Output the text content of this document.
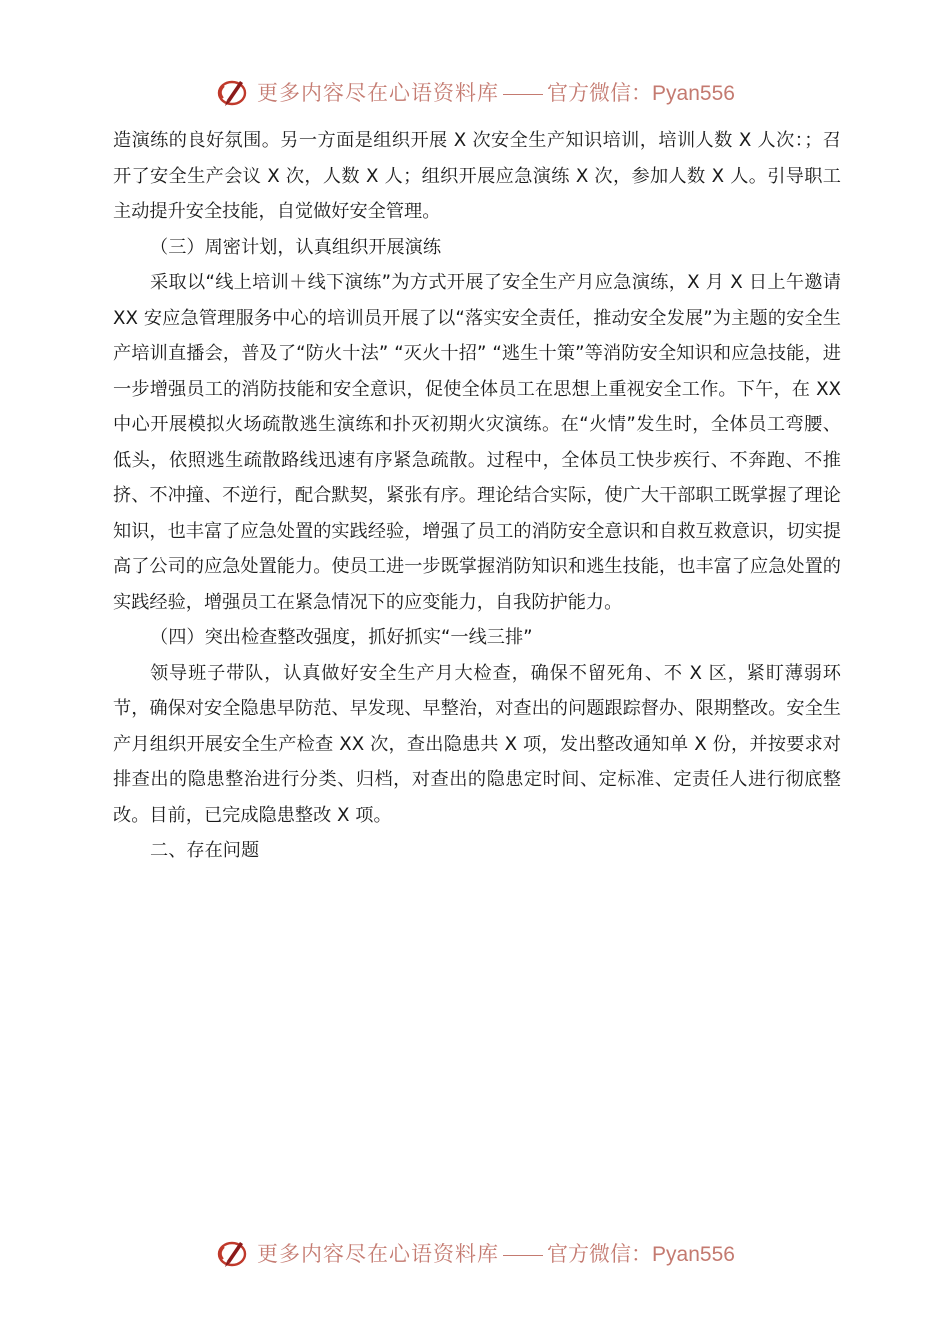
更多内容尽在心语资料库 官方微信：Pyan556

造演练的良好氛围。另一方面是组织开展 X 次安全生产知识培训，培训人数 X 人次：；召开了安全生产会议 X 次，人数 X 人；组织开展应急演练 X 次，参加人数 X 人。引导职工主动提升安全技能，自觉做好安全管理。

（三）周密计划，认真组织开展演练

采取以“线上培训＋线下演练”为方式开展了安全生产月应急演练，X 月 X 日上午邀请 XX 安应急管理服务中心的培训员开展了以“落实安全责任，推动安全发展”为主题的安全生产培训直播会，普及了“防火十法” “灭火十招” “逃生十策”等消防安全知识和应急技能，进一步增强员工的消防技能和安全意识，促使全体员工在思想上重视安全工作。下午，在 XX 中心开展模拟火场疏散逃生演练和扑灭初期火灾演练。在“火情”发生时，全体员工弯腰、低头，依照逃生疏散路线迅速有序紧急疏散。过程中，全体员工快步疾行、不奔跑、不推挤、不冲撞、不逆行，配合默契，紧张有序。理论结合实际，使广大干部职工既掌握了理论知识，也丰富了应急处置的实践经验，增强了员工的消防安全意识和自救互救意识，切实提高了公司的应急处置能力。使员工进一步既掌握消防知识和逃生技能，也丰富了应急处置的实践经验，增强员工在紧急情况下的应变能力，自我防护能力。

（四）突出检查整改强度，抓好抓实“一线三排”

领导班子带队，认真做好安全生产月大检查，确保不留死角、不 X 区，紧盯薄弱环节，确保对安全隐患早防范、早发现、早整治，对查出的问题跟踪督办、限期整改。安全生产月组织开展安全生产检查 XX 次，查出隐患共 X 项，发出整改通知单 X 份，并按要求对排查出的隐患整治进行分类、归档，对查出的隐患定时间、定标准、定责任人进行彻底整改。目前，已完成隐患整改 X 项。

二、存在问题

更多内容尽在心语资料库 官方微信：Pyan556
